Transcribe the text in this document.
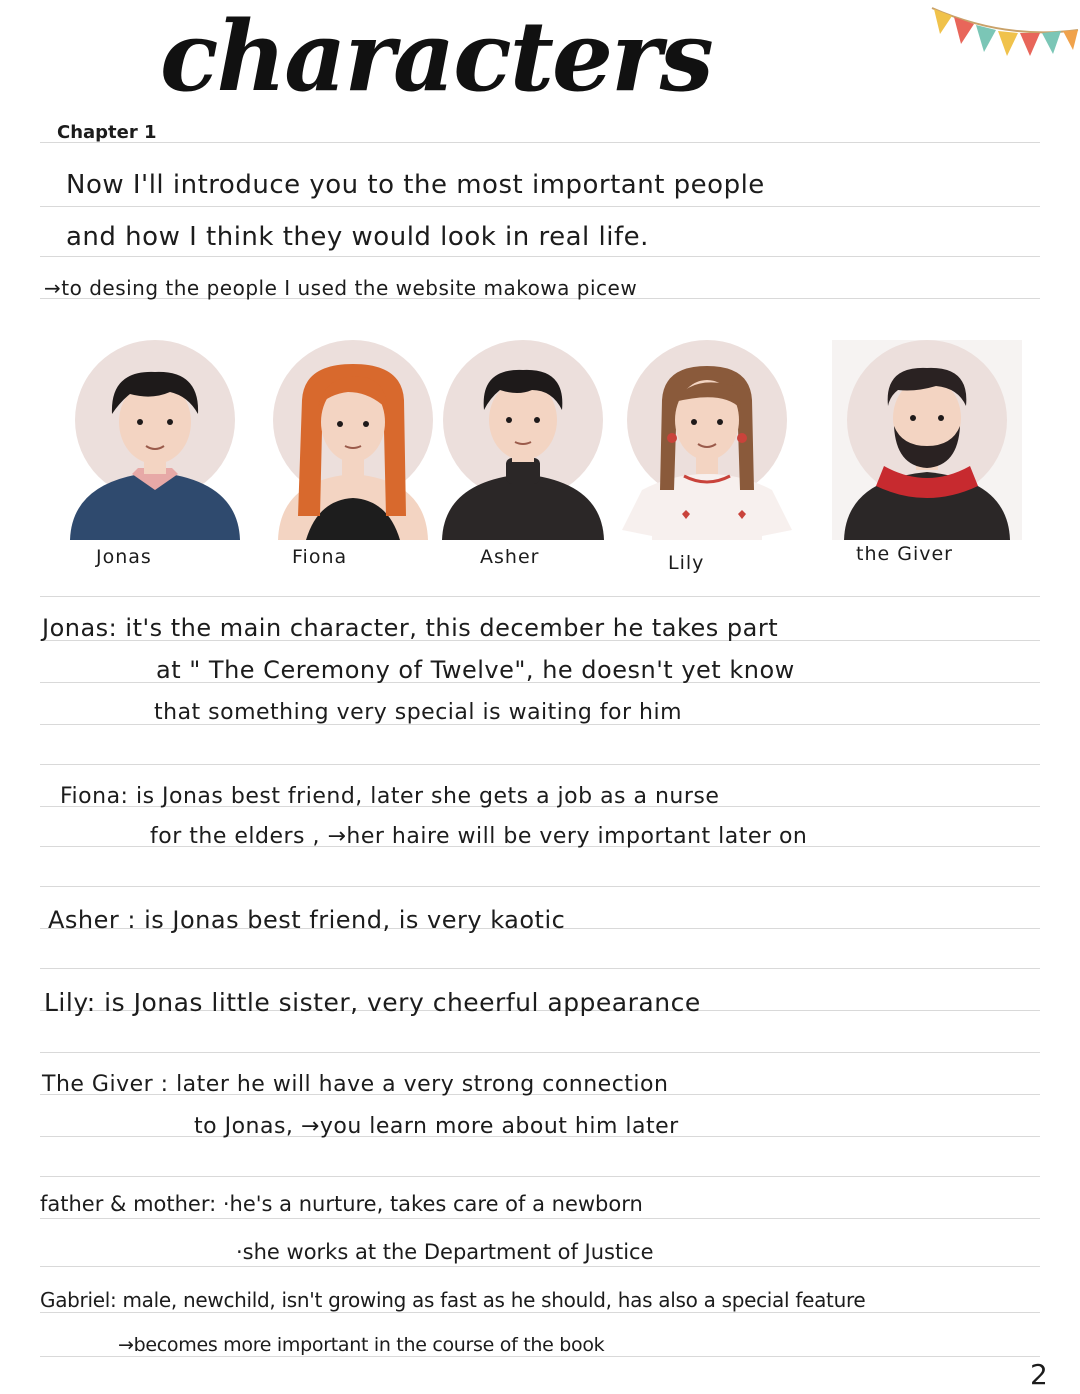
characters
Chapter 1
Now I'll introduce you to the most important people
and how I think they would look in real life.
→to desing the people I used the website makowa picew
Jonas	Fiona	Asher	Lily	the Giver
Jonas: it's the main character, this december he takes part
at " The Ceremony of Twelve", he doesn't yet know
that something very special is waiting for him
Fiona: is Jonas best friend, later she gets a job as a nurse
for the elders , →her haire will be very important later on
Asher : is Jonas best friend, is very kaotic
Lily: is Jonas little sister, very cheerful appearance
The Giver : later he will have a very strong connection
to Jonas, →you learn more about him later
father & mother: ·he's a nurture, takes care of a newborn
·she works at the Department of Justice
Gabriel: male, newchild, isn't growing as fast as he should, has also a special feature
→becomes more important in the course of the book
2
